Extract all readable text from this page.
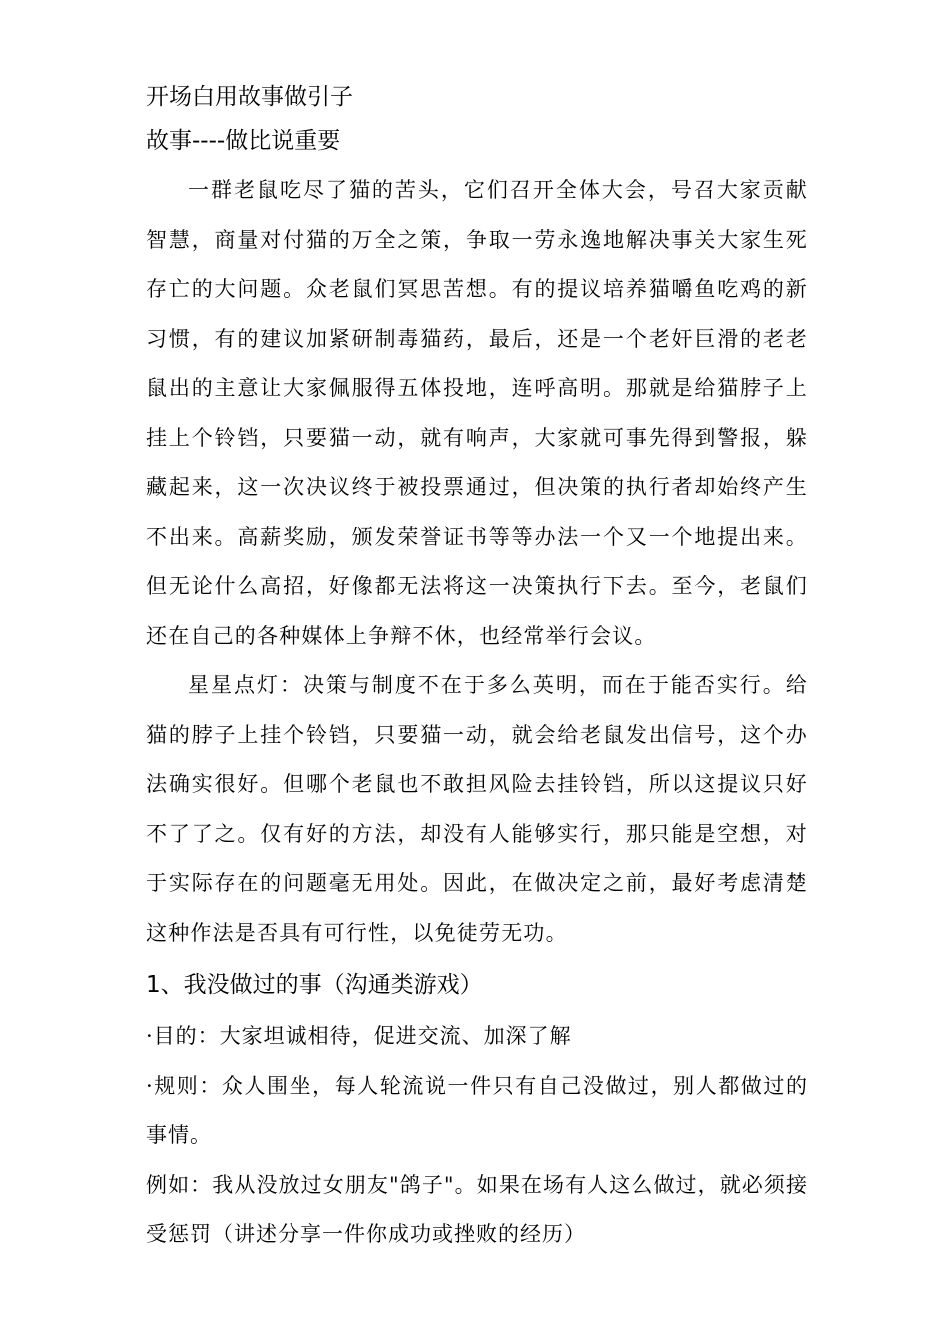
开场白用故事做引子
故事----做比说重要

一群老鼠吃尽了猫的苦头，它们召开全体大会，号召大家贡献智慧，商量对付猫的万全之策，争取一劳永逸地解决事关大家生死存亡的大问题。众老鼠们冥思苦想。有的提议培养猫嚼鱼吃鸡的新习惯，有的建议加紧研制毒猫药，最后，还是一个老奸巨滑的老老鼠出的主意让大家佩服得五体投地，连呼高明。那就是给猫脖子上挂上个铃铛，只要猫一动，就有响声，大家就可事先得到警报，躲藏起来，这一次决议终于被投票通过，但决策的执行者却始终产生不出来。高薪奖励，颁发荣誉证书等等办法一个又一个地提出来。但无论什么高招，好像都无法将这一决策执行下去。至今，老鼠们还在自己的各种媒体上争辩不休，也经常举行会议。

星星点灯：决策与制度不在于多么英明，而在于能否实行。给猫的脖子上挂个铃铛，只要猫一动，就会给老鼠发出信号，这个办法确实很好。但哪个老鼠也不敢担风险去挂铃铛，所以这提议只好不了了之。仅有好的方法，却没有人能够实行，那只能是空想，对于实际存在的问题毫无用处。因此，在做决定之前，最好考虑清楚这种作法是否具有可行性，以免徒劳无功。

1、我没做过的事（沟通类游戏）

·目的：大家坦诚相待，促进交流、加深了解

·规则：众人围坐，每人轮流说一件只有自己没做过，别人都做过的事情。

例如：我从没放过女朋友"鸽子"。如果在场有人这么做过，就必须接受惩罚（讲述分享一件你成功或挫败的经历）
